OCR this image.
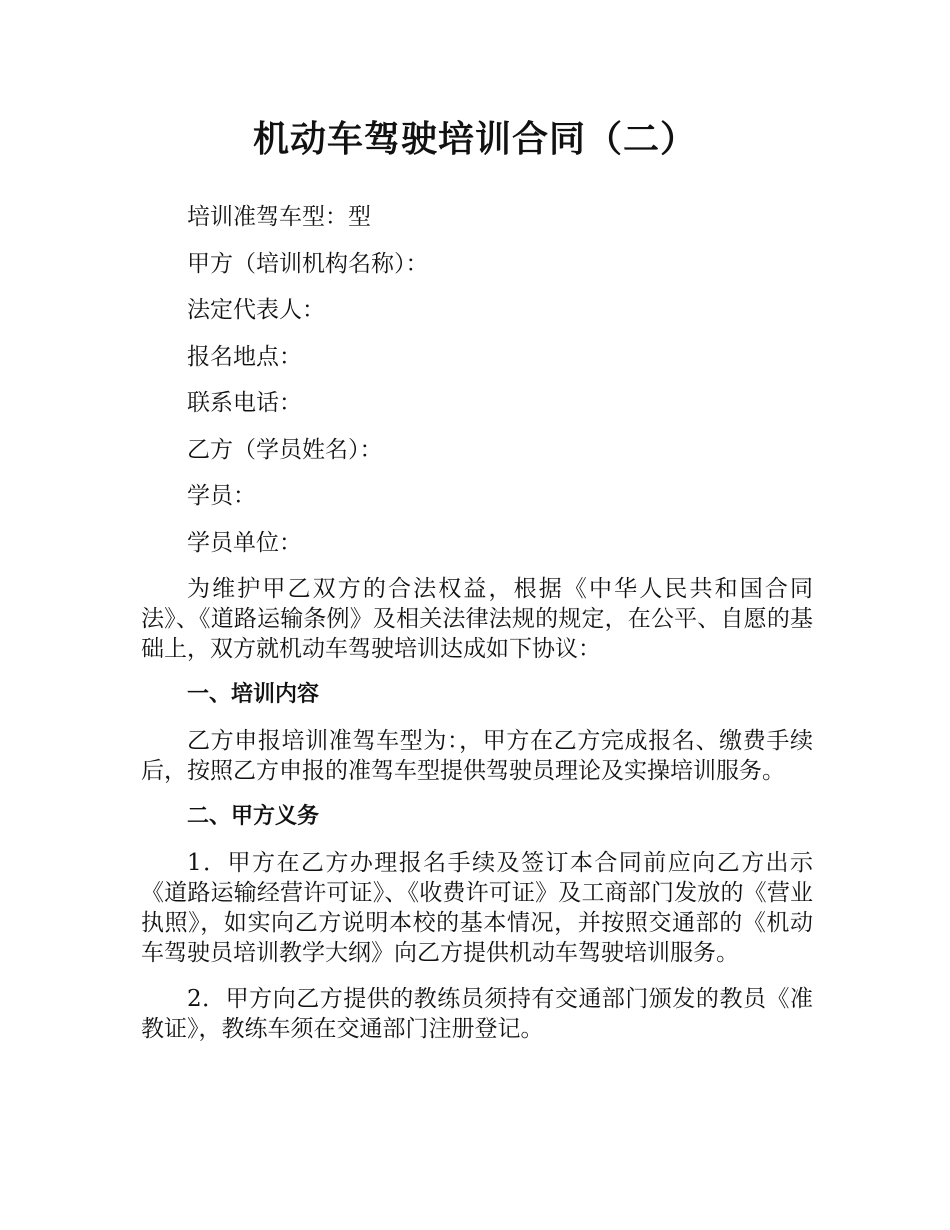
机动车驾驶培训合同（二）

培训准驾车型：型

甲方（培训机构名称）：

法定代表人：

报名地点：

联系电话：

乙方（学员姓名）：

学员：

学员单位：

为维护甲乙双方的合法权益，根据《中华人民共和国合同法》、《道路运输条例》及相关法律法规的规定，在公平、自愿的基础上，双方就机动车驾驶培训达成如下协议：

一、培训内容

乙方申报培训准驾车型为：，甲方在乙方完成报名、缴费手续后，按照乙方申报的准驾车型提供驾驶员理论及实操培训服务。

二、甲方义务

1．甲方在乙方办理报名手续及签订本合同前应向乙方出示《道路运输经营许可证》、《收费许可证》及工商部门发放的《营业执照》，如实向乙方说明本校的基本情况，并按照交通部的《机动车驾驶员培训教学大纲》向乙方提供机动车驾驶培训服务。

2．甲方向乙方提供的教练员须持有交通部门颁发的教员《准教证》，教练车须在交通部门注册登记。
